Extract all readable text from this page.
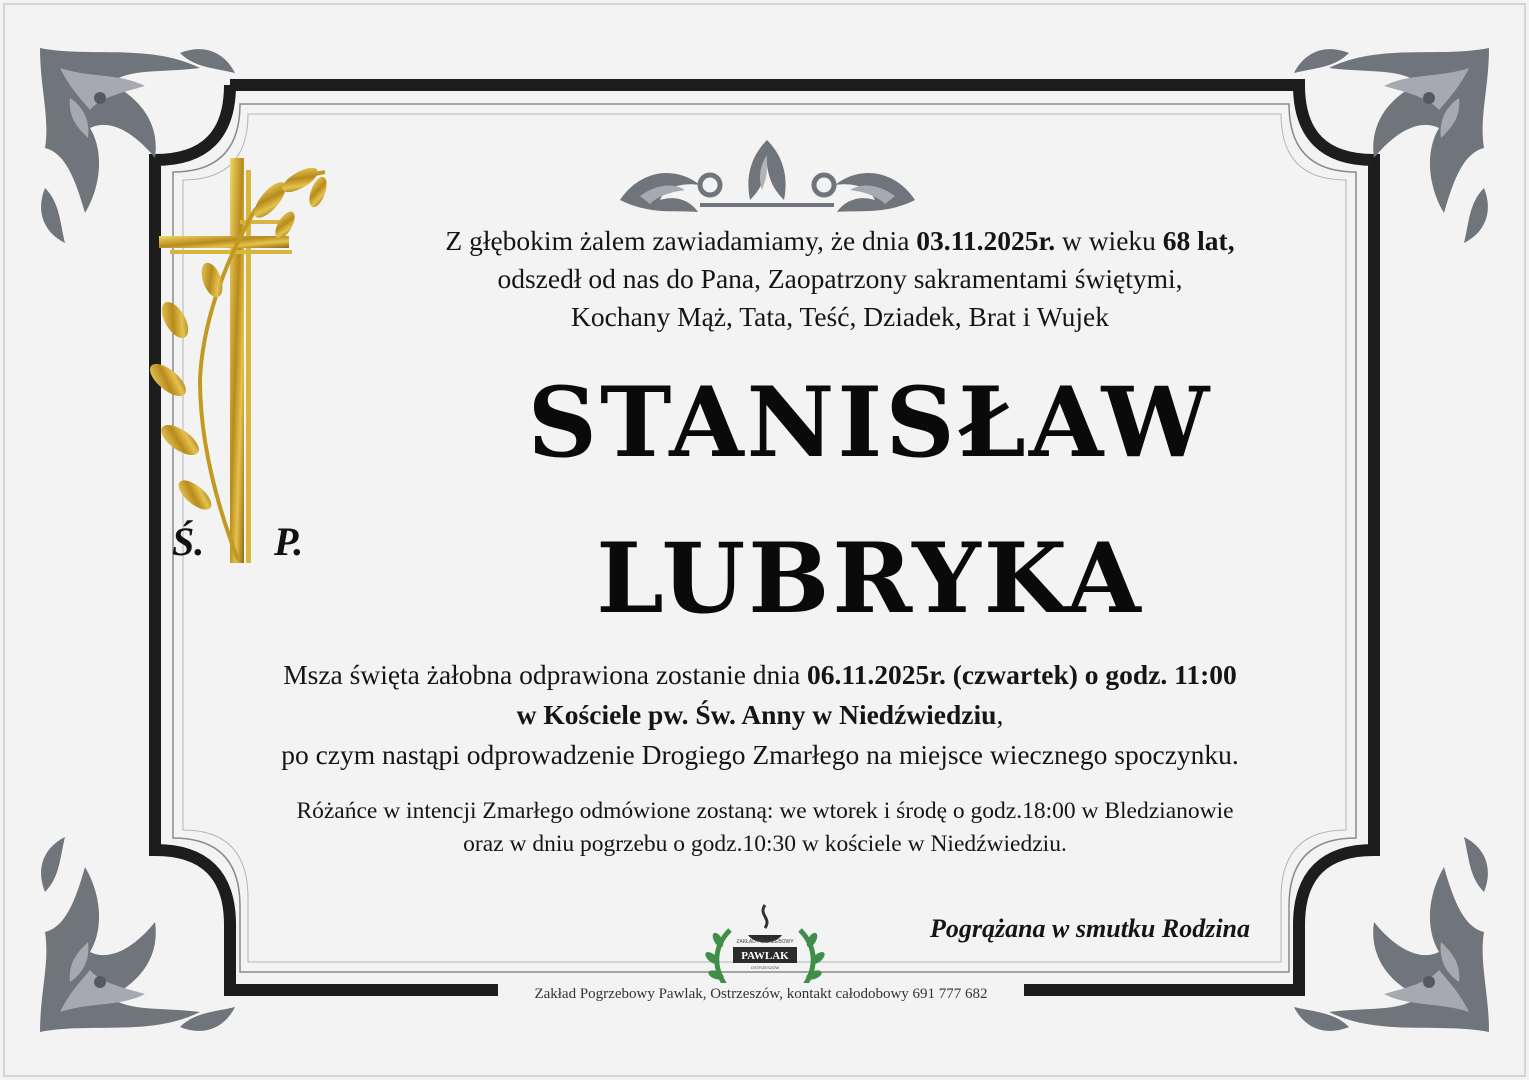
Z głębokim żalem zawiadamiamy, że dnia 03.11.2025r. w wieku 68 lat,
odszedł od nas do Pana, Zaopatrzony sakramentami świętymi,
Kochany Mąż, Tata, Teść, Dziadek, Brat i Wujek
Ś. P.
STANISŁAW
LUBRYKA
Msza święta żałobna odprawiona zostanie dnia 06.11.2025r. (czwartek) o godz. 11:00
w Kościele pw. Św. Anny w Niedźwiedziu,
po czym nastąpi odprowadzenie Drogiego Zmarłego na miejsce wiecznego spoczynku.
Różańce w intencji Zmarłego odmówione zostaną: we wtorek i środę o godz.18:00 w Bledzianowie
oraz w dniu pogrzebu o godz.10:30 w kościele w Niedźwiedziu.
Pogrążana w smutku Rodzina
ZAKŁAD POGRZEBOWY
PAWLAK
OSTRZESZÓW
Zakład Pogrzebowy Pawlak, Ostrzeszów, kontakt całodobowy 691 777 682
